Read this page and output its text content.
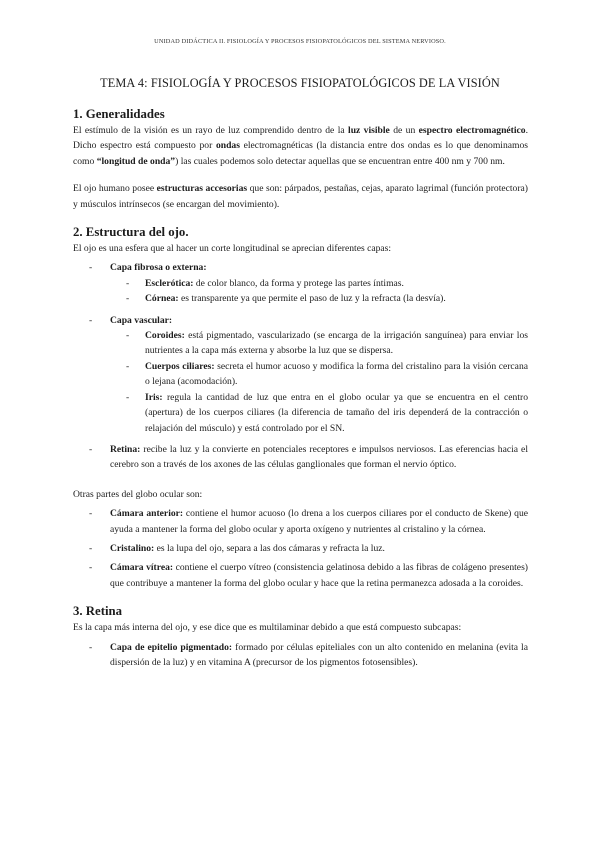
UNIDAD DIDÁCTICA II. FISIOLOGÍA Y PROCESOS FISIOPATOLÓGICOS DEL SISTEMA NERVIOSO.
TEMA 4: FISIOLOGÍA Y PROCESOS FISIOPATOLÓGICOS DE LA VISIÓN
1. Generalidades

El estímulo de la visión es un rayo de luz comprendido dentro de la luz visible de un espectro electromagnético. Dicho espectro está compuesto por ondas electromagnéticas (la distancia entre dos ondas es lo que denominamos como “longitud de onda”) las cuales podemos solo detectar aquellas que se encuentran entre 400 nm y 700 nm.

El ojo humano posee estructuras accesorias que son: párpados, pestañas, cejas, aparato lagrimal (función protectora) y músculos intrínsecos (se encargan del movimiento).

2. Estructura del ojo.

El ojo es una esfera que al hacer un corte longitudinal se aprecian diferentes capas:

- Capa fibrosa o externa:
- Esclerótica: de color blanco, da forma y protege las partes íntimas.
- Córnea: es transparente ya que permite el paso de luz y la refracta (la desvía).
- Capa vascular:
- Coroides: está pigmentado, vascularizado (se encarga de la irrigación sanguínea) para enviar los nutrientes a la capa más externa y absorbe la luz que se dispersa.
- Cuerpos ciliares: secreta el humor acuoso y modifica la forma del cristalino para la visión cercana o lejana (acomodación).
- Iris: regula la cantidad de luz que entra en el globo ocular ya que se encuentra en el centro (apertura) de los cuerpos ciliares (la diferencia de tamaño del iris dependerá de la contracción o relajación del músculo) y está controlado por el SN.
- Retina: recibe la luz y la convierte en potenciales receptores e impulsos nerviosos. Las eferencias hacia el cerebro son a través de los axones de las células ganglionales que forman el nervio óptico.

Otras partes del globo ocular son:

- Cámara anterior: contiene el humor acuoso (lo drena a los cuerpos ciliares por el conducto de Skene) que ayuda a mantener la forma del globo ocular y aporta oxígeno y nutrientes al cristalino y la córnea.
- Cristalino: es la lupa del ojo, separa a las dos cámaras y refracta la luz.
- Cámara vítrea: contiene el cuerpo vítreo (consistencia gelatinosa debido a las fibras de colágeno presentes) que contribuye a mantener la forma del globo ocular y hace que la retina permanezca adosada a la coroides.
3. Retina

Es la capa más interna del ojo, y ese dice que es multilaminar debido a que está compuesto subcapas:

- Capa de epitelio pigmentado: formado por células epiteliales con un alto contenido en melanina (evita la dispersión de la luz) y en vitamina A (precursor de los pigmentos fotosensibles).
